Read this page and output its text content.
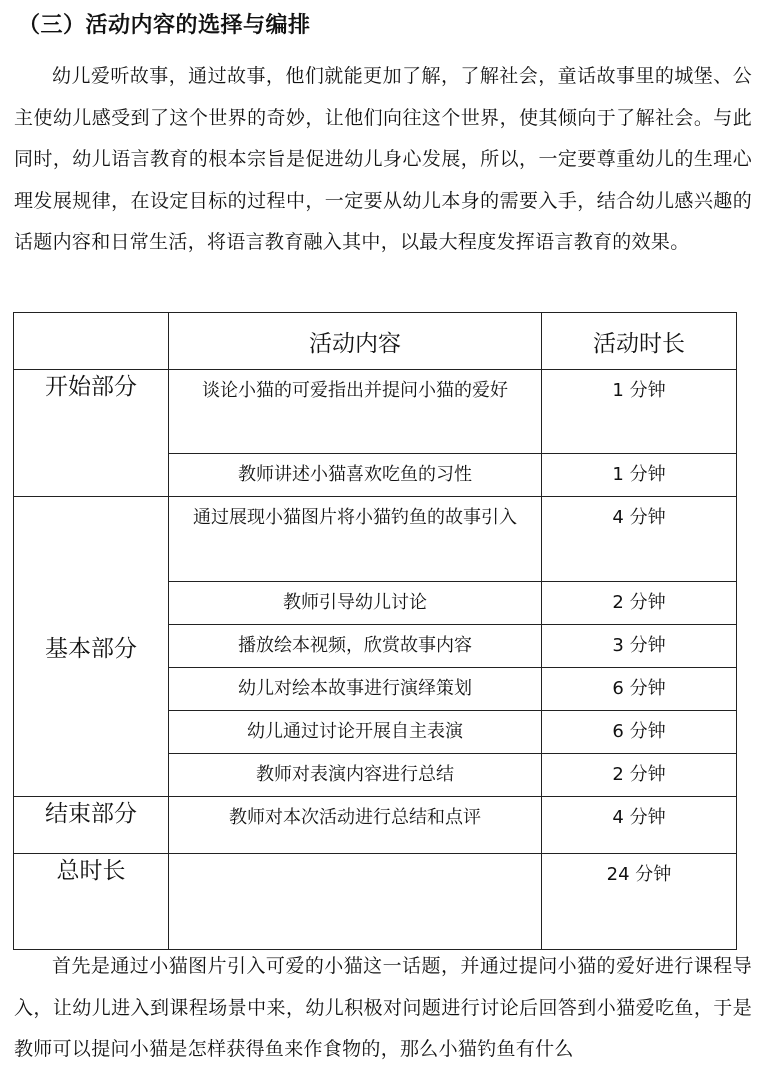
（三）活动内容的选择与编排

幼儿爱听故事，通过故事，他们就能更加了解，了解社会，童话故事里的城堡、公主使幼儿感受到了这个世界的奇妙，让他们向往这个世界，使其倾向于了解社会。与此同时，幼儿语言教育的根本宗旨是促进幼儿身心发展，所以，一定要尊重幼儿的生理心理发展规律，在设定目标的过程中，一定要从幼儿本身的需要入手，结合幼儿感兴趣的话题内容和日常生活，将语言教育融入其中，以最大程度发挥语言教育的效果。

	活动内容	活动时长
开始部分	谈论小猫的可爱指出并提问小猫的爱好	1 分钟
	教师讲述小猫喜欢吃鱼的习性	1 分钟
基本部分	通过展现小猫图片将小猫钓鱼的故事引入	4 分钟
	教师引导幼儿讨论	2 分钟
	播放绘本视频，欣赏故事内容	3 分钟
	幼儿对绘本故事进行演绎策划	6 分钟
	幼儿通过讨论开展自主表演	6 分钟
	教师对表演内容进行总结	2 分钟
结束部分	教师对本次活动进行总结和点评	4 分钟
总时长		24 分钟

首先是通过小猫图片引入可爱的小猫这一话题，并通过提问小猫的爱好进行课程导入，让幼儿进入到课程场景中来，幼儿积极对问题进行讨论后回答到小猫爱吃鱼，于是教师可以提问小猫是怎样获得鱼来作食物的，那么小猫钓鱼有什么
